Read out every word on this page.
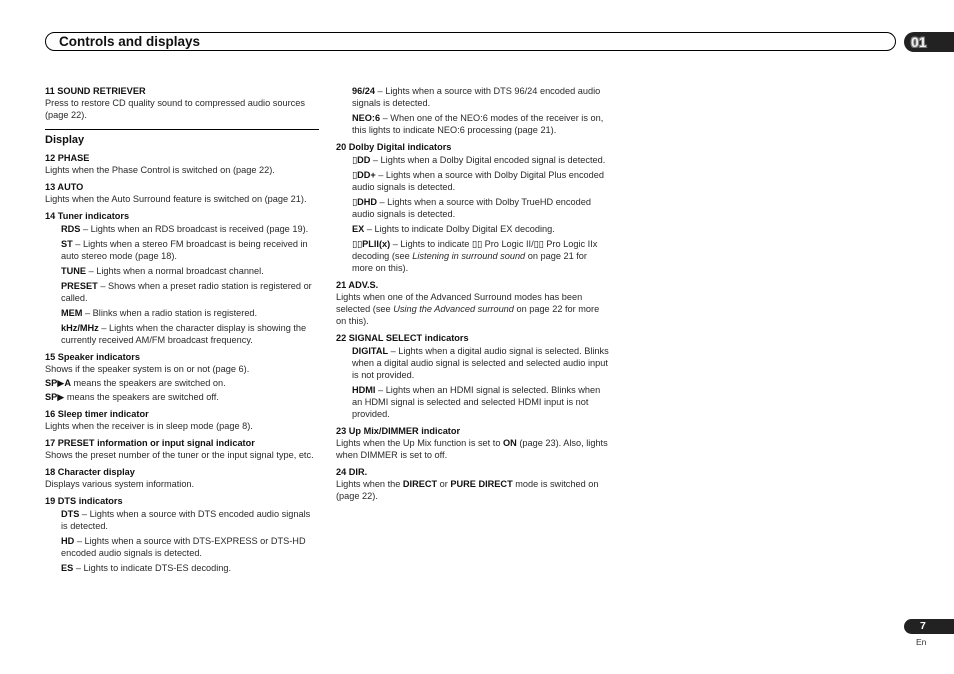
Controls and displays	01
11 SOUND RETRIEVER
Press to restore CD quality sound to compressed audio sources (page 22).
Display
12 PHASE
Lights when the Phase Control is switched on (page 22).
13 AUTO
Lights when the Auto Surround feature is switched on (page 21).
14 Tuner indicators
RDS – Lights when an RDS broadcast is received (page 19).
ST – Lights when a stereo FM broadcast is being received in auto stereo mode (page 18).
TUNE – Lights when a normal broadcast channel.
PRESET – Shows when a preset radio station is registered or called.
MEM – Blinks when a radio station is registered.
kHz/MHz – Lights when the character display is showing the currently received AM/FM broadcast frequency.
15 Speaker indicators
Shows if the speaker system is on or not (page 6).
SP▶A means the speakers are switched on.
SP▶ means the speakers are switched off.
16 Sleep timer indicator
Lights when the receiver is in sleep mode (page 8).
17 PRESET information or input signal indicator
Shows the preset number of the tuner or the input signal type, etc.
18 Character display
Displays various system information.
19 DTS indicators
DTS – Lights when a source with DTS encoded audio signals is detected.
HD – Lights when a source with DTS-EXPRESS or DTS-HD encoded audio signals is detected.
ES – Lights to indicate DTS-ES decoding.
96/24 – Lights when a source with DTS 96/24 encoded audio signals is detected.
NEO:6 – When one of the NEO:6 modes of the receiver is on, this lights to indicate NEO:6 processing (page 21).
20 Dolby Digital indicators
▯DD – Lights when a Dolby Digital encoded signal is detected.
▯DD+ – Lights when a source with Dolby Digital Plus encoded audio signals is detected.
▯DHD – Lights when a source with Dolby TrueHD encoded audio signals is detected.
EX – Lights to indicate Dolby Digital EX decoding.
▯▯PLII(x) – Lights to indicate ▯▯ Pro Logic II/▯▯ Pro Logic IIx decoding (see Listening in surround sound on page 21 for more on this).
21 ADV.S.
Lights when one of the Advanced Surround modes has been selected (see Using the Advanced surround on page 22 for more on this).
22 SIGNAL SELECT indicators
DIGITAL – Lights when a digital audio signal is selected. Blinks when a digital audio signal is selected and selected audio input is not provided.
HDMI – Lights when an HDMI signal is selected. Blinks when an HDMI signal is selected and selected HDMI input is not provided.
23 Up Mix/DIMMER indicator
Lights when the Up Mix function is set to ON (page 23). Also, lights when DIMMER is set to off.
24 DIR.
Lights when the DIRECT or PURE DIRECT mode is switched on (page 22).
7
En
